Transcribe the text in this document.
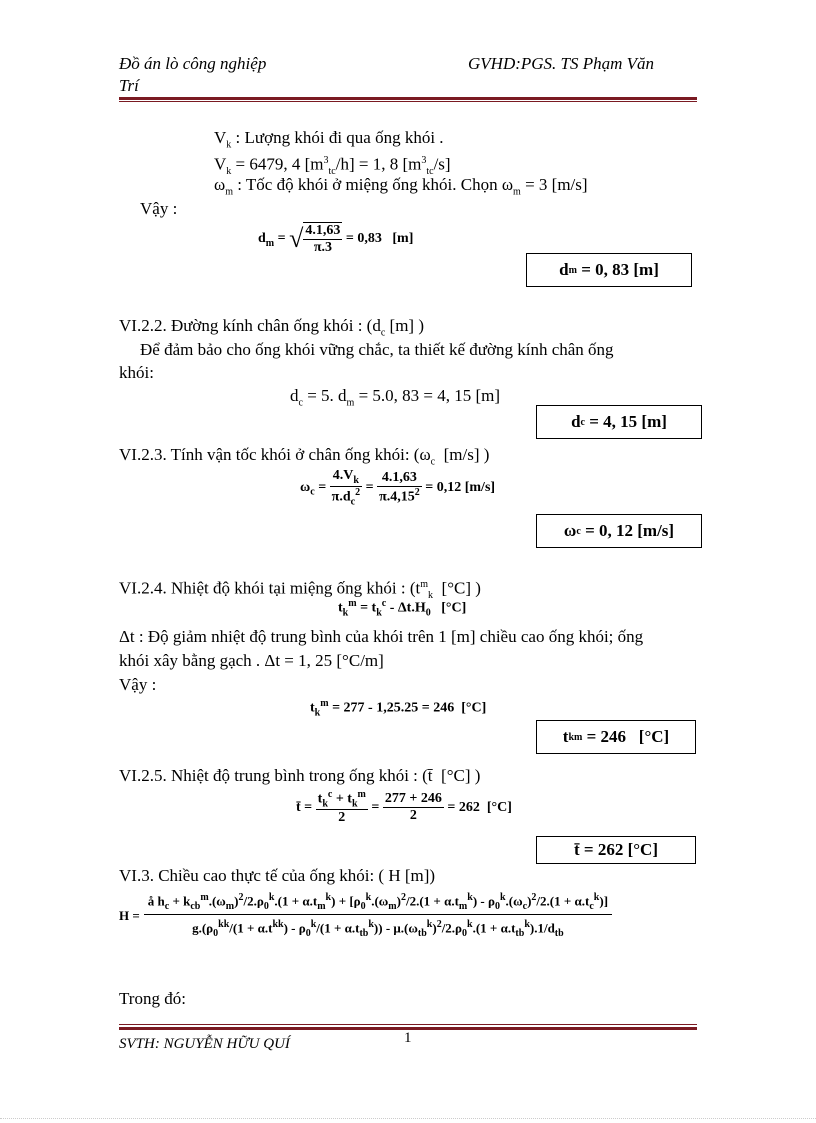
Đồ án lò công nghiệp
Trí
GVHD:PGS. TS Phạm Văn
$V_k$ : Lượng khói đi qua ống khói .
$V_k = 6479$, 4 $[m^3_{tc}/h] = 1$, 8 $[m^3_{tc}/s]$
$\omega_m$ : Tốc độ khói ở miệng ống khói. Chọn $\omega_m = 3$ [m/s]
Vậy :
$d_m$ = √ $\frac{4.1,63}{\pi.3} = 0,83$   [m]
d m = 0, 83 [m]
VI.2.2. Đường kính chân ống khói : ($d_c$ [m] )
Để đảm bảo cho ống khói vững chắc, ta thiết kế đường kính chân ống
khói:
$d_c = 5$. $d_m = 5.0$, 83 = 4, 15 [m]
d c = 4, 15 [m]
VI.2.3. Tính vận tốc khói ở chân ống khói: ($\omega_c$  [m/s] )
$\omega_c = \frac{4.V_k}{\pi.d_c^2} = \frac{4.1,63}{\pi.4,15^2} = 0,12$ [m/s]
ω c = 0, 12 [m/s]
VI.2.4. Nhiệt độ khói tại miệng ống khói : ($t^m_k$  [°C] )
$t_k^m = t_k^c - \Delta t.H_0$   [°C]
Δt : Độ giảm nhiệt độ trung bình của khói trên 1 [m] chiều cao ống khói; ống
khói xây bằng gạch . Δt = 1, 25 [°C/m]
Vậy :
$t_k^m = 277 - 1,25.25 = 246$  [°C]
t k m = 246   [°C]
VI.2.5. Nhiệt độ trung bình trong ống khói : (t̄  [°C] )
t̄ = $\frac{t_k^c + t_k^m}{2} = \frac{277 + 246}{2} = 262$  [°C]
t̄ = 262 [°C]
VI.3. Chiều cao thực tế của ống khói: ( H [m])
H =
å $h_c + k_{cb}^m.(\omega_m)^2/2.\rho_0^k.(1 + \alpha.t_m^k) + [\rho_0^k.(\omega_m)^2/2.(1 + \alpha.t_m^k) - \rho_0^k.(\omega_c)^2/2.(1 + \alpha.t_c^k)]$
$g.(\rho_0^{kk}/(1 + \alpha.t^{kk}) - \rho_0^k/(1 + \alpha.t_{tb}^k)) - \mu.(\omega_{tb}^k)^2/2.\rho_0^k.(1 + \alpha.t_{tb}^k).1/d_{tb}$
Trong đó:
SVTH: NGUYỄN HỮU QUÍ	1
